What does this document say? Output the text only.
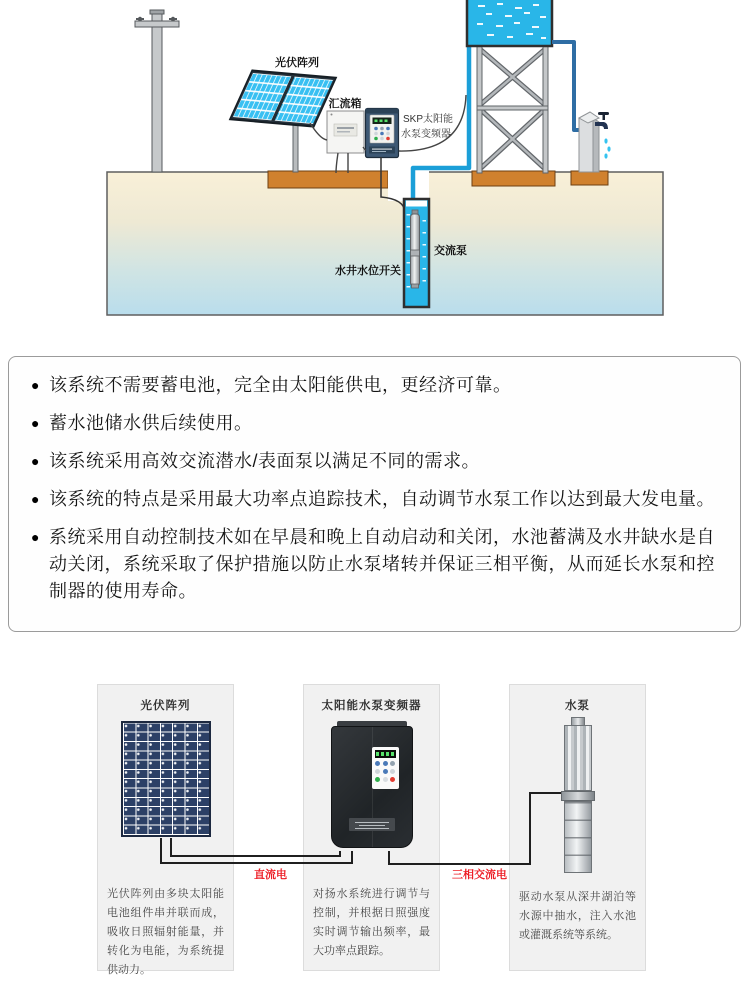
光伏阵列
汇流箱
SKP太阳能
水泵变频器
交流泵
水井水位开关
● 该系统不需要蓄电池，完全由太阳能供电，更经济可靠。
● 蓄水池储水供后续使用。
● 该系统采用高效交流潜水/表面泵以满足不同的需求。
● 该系统的特点是采用最大功率点追踪技术，自动调节水泵工作以达到最大发电量。
● 系统采用自动控制技术如在早晨和晚上自动启动和关闭，水池蓄满及水井缺水是自动关闭，系统采取了保护措施以防止水泵堵转并保证三相平衡，从而延长水泵和控制器的使用寿命。
光伏阵列
光伏阵列由多块太阳能电池组件串并联而成，吸收日照辐射能量，并转化为电能，为系统提供动力。
太阳能水泵变频器
对扬水系统进行调节与控制，并根据日照强度实时调节输出频率，最大功率点跟踪。
水泵
驱动水泵从深井湖泊等水源中抽水，注入水池或灌溉系统等系统。
直流电	三相交流电
